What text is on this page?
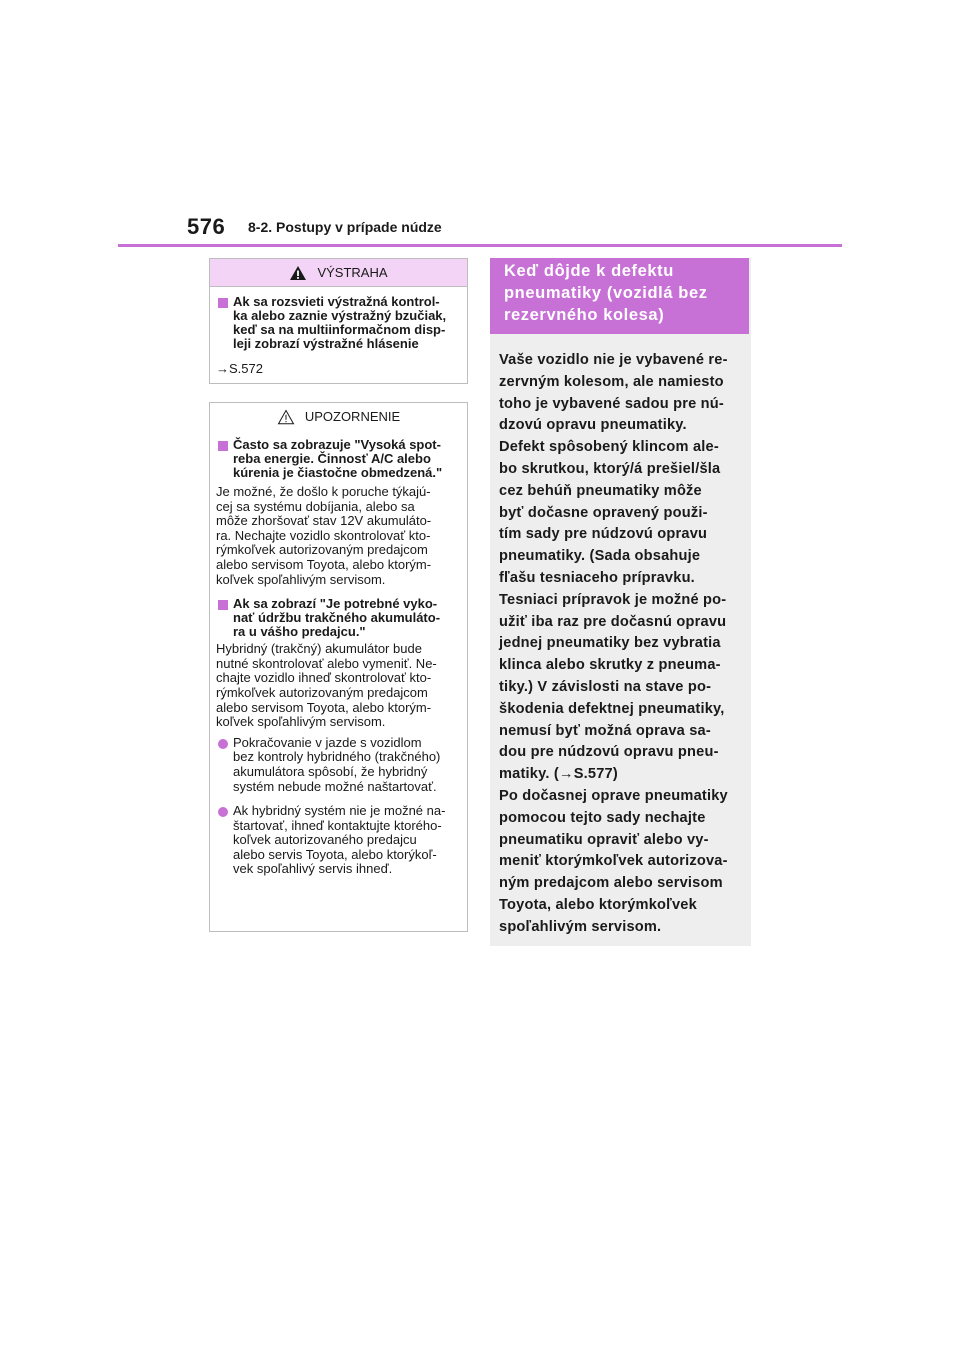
576 8-2. Postupy v prípade núdze
VÝSTRAHA
Ak sa rozsvieti výstražná kontrol-
ka alebo zaznie výstražný bzučiak,
keď sa na multiinformačnom disp-
leji zobrazí výstražné hlásenie
→S.572
UPOZORNENIE
Často sa zobrazuje "Vysoká spot-
reba energie. Činnosť A/C alebo
kúrenia je čiastočne obmedzená."
Je možné, že došlo k poruche týkajú-
cej sa systému dobíjania, alebo sa
môže zhoršovať stav 12V akumuláto-
ra. Nechajte vozidlo skontrolovať kto-
rýmkoľvek autorizovaným predajcom
alebo servisom Toyota, alebo ktorým-
koľvek spoľahlivým servisom.
Ak sa zobrazí "Je potrebné vyko-
nať údržbu trakčného akumuláto-
ra u vášho predajcu."
Hybridný (trakčný) akumulátor bude
nutné skontrolovať alebo vymeniť. Ne-
chajte vozidlo ihneď skontrolovať kto-
rýmkoľvek autorizovaným predajcom
alebo servisom Toyota, alebo ktorým-
koľvek spoľahlivým servisom.
Pokračovanie v jazde s vozidlom
bez kontroly hybridného (trakčného)
akumulátora spôsobí, že hybridný
systém nebude možné naštartovať.
Ak hybridný systém nie je možné na-
štartovať, ihneď kontaktujte ktorého-
koľvek autorizovaného predajcu
alebo servis Toyota, alebo ktorýkoľ-
vek spoľahlivý servis ihneď.
Keď dôjde k defektu
pneumatiky (vozidlá bez
rezervného kolesa)
Vaše vozidlo nie je vybavené re-
zervným kolesom, ale namiesto
toho je vybavené sadou pre nú-
dzovú opravu pneumatiky.
Defekt spôsobený klincom ale-
bo skrutkou, ktorý/á prešiel/šla
cez behúň pneumatiky môže
byť dočasne opravený použi-
tím sady pre núdzovú opravu
pneumatiky. (Sada obsahuje
fľašu tesniaceho prípravku.
Tesniaci prípravok je možné po-
užiť iba raz pre dočasnú opravu
jednej pneumatiky bez vybratia
klinca alebo skrutky z pneuma-
tiky.) V závislosti na stave po-
škodenia defektnej pneumatiky,
nemusí byť možná oprava sa-
dou pre núdzovú opravu pneu-
matiky. (→S.577)
Po dočasnej oprave pneumatiky
pomocou tejto sady nechajte
pneumatiku opraviť alebo vy-
meniť ktorýmkoľvek autorizova-
ným predajcom alebo servisom
Toyota, alebo ktorýmkoľvek
spoľahlivým servisom.
